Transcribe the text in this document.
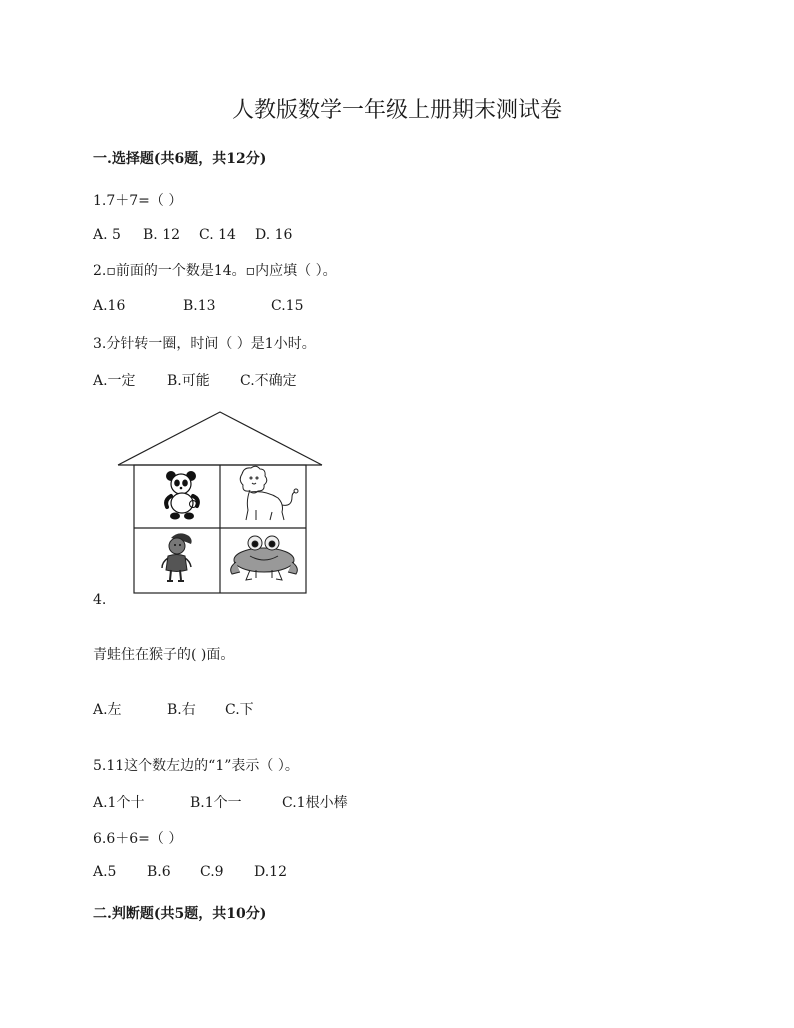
人教版数学一年级上册期末测试卷
一.选择题(共6题，共12分)
1.7＋7=（ ）
A. 5 B. 12 C. 14 D. 16
2.▫前面的一个数是14。▫内应填（ ）。
A.16	B.13	C.15
3.分针转一圈，时间（ ）是1小时。
A.一定 B.可能 C.不确定
4.
青蛙住在猴子的( )面。
A.左	B.右 C.下
5.11这个数左边的“1”表示（ ）。
A.1个十	B.1个一	C.1根小棒
6.6＋6=（ ）
A.5 B.6 C.9 D.12
二.判断题(共5题，共10分)
